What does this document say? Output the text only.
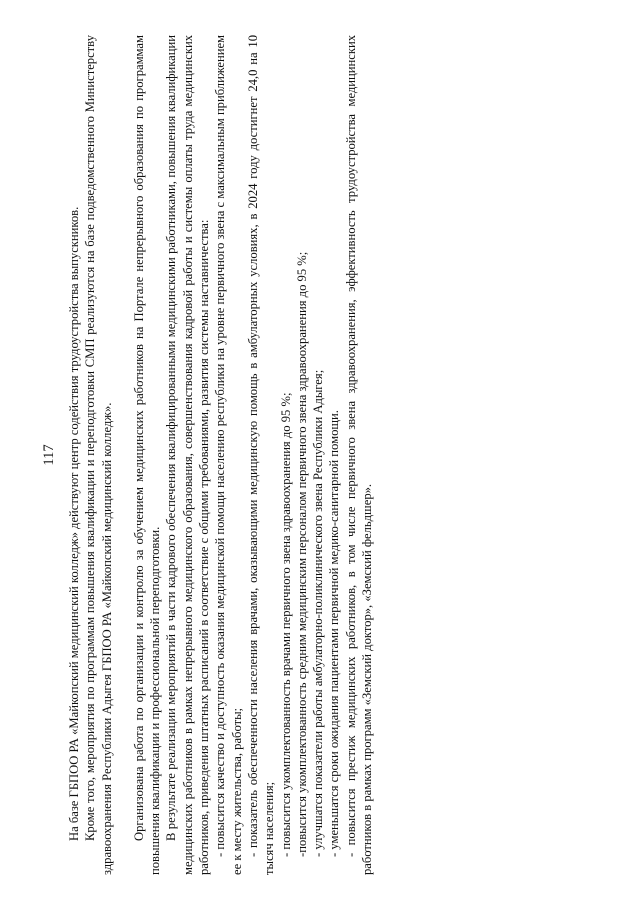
117 На базе ГБПОО РА «Майкопский медицинский колледж» действуют центр содействия трудоустройства выпускников. Кроме того, мероприятия по программам повышения квалификации и переподготовки СМП реализуются на базе подведомственного Министерству здравоохранения Республики Адыгея ГБПОО РА «Майкопский медицинский колледж». Организована работа по организации и контролю за обучением медицинских работников на Портале непрерывного образования по программам повышения квалификации и профессиональной переподготовки. В результате реализации мероприятий в части кадрового обеспечения квалифицированными медицинскими работниками, повышения квалификации медицинских работников в рамках непрерывного медицинского образования, совершенствования кадровой работы и системы оплаты труда медицинских работников, приведения штатных расписаний в соответствие с общими требованиями, развития системы наставничества: - повысится качество и доступность оказания медицинской помощи населению республики на уровне первичного звена с максимальным приближением ее к месту жительства, работы; - показатель обеспеченности населения врачами, оказывающими медицинскую помощь в амбулаторных условиях, в 2024 году достигнет 24,0 на 10 тысяч населения; - повысится укомплектованность врачами первичного звена здравоохранения до 95 %; -повысится укомплектованность средним медицинским персоналом первичного звена здравоохранения до 95 %; - улучшатся показатели работы амбулаторно-поликлинического звена Республики Адыгея; - уменьшатся сроки ожидания пациентами первичной медико-санитарной помощи. - повысится престиж медицинских работников, в том числе первичного звена здравоохранения, эффективность трудоустройства медицинских работников в рамках программ «Земский доктор», «Земский фельдшер».
